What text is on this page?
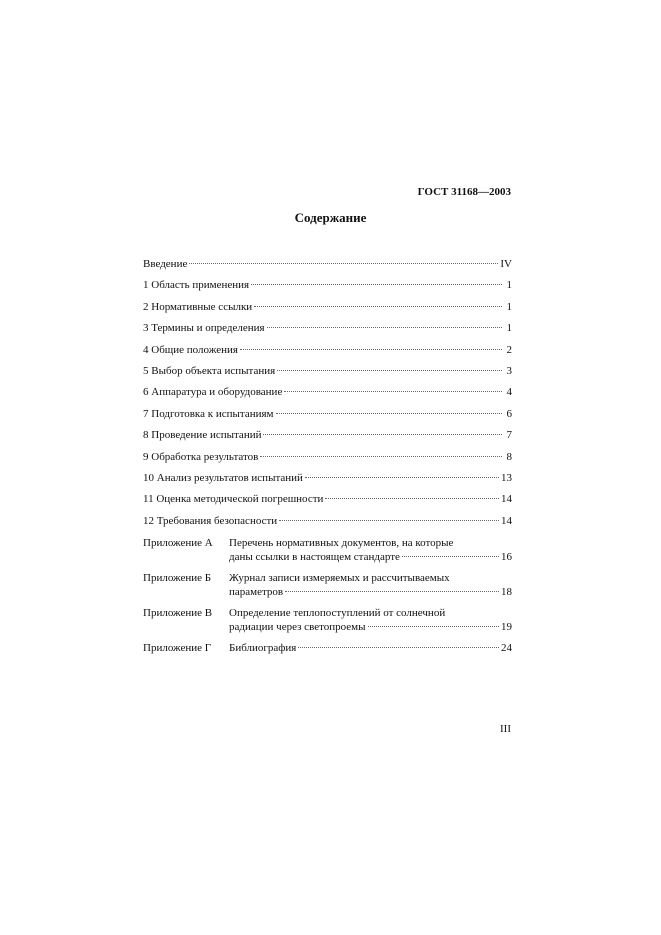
ГОСТ 31168—2003
Содержание
Введение	IV
1 Область применения	1
2 Нормативные ссылки	1
3 Термины и определения	1
4 Общие положения	2
5 Выбор объекта испытания	3
6 Аппаратура и оборудование	4
7 Подготовка к испытаниям	6
8 Проведение испытаний	7
9 Обработка результатов	8
10 Анализ результатов испытаний	13
11 Оценка методической погрешности	14
12 Требования безопасности	14
Приложение А	Перечень нормативных документов, на которые
даны ссылки в настоящем стандарте	16
Приложение Б	Журнал записи измеряемых и рассчитываемых
параметров	18
Приложение В	Определение теплопоступлений от солнечной
радиации через светопроемы	19
Приложение Г	Библиография	24
III
